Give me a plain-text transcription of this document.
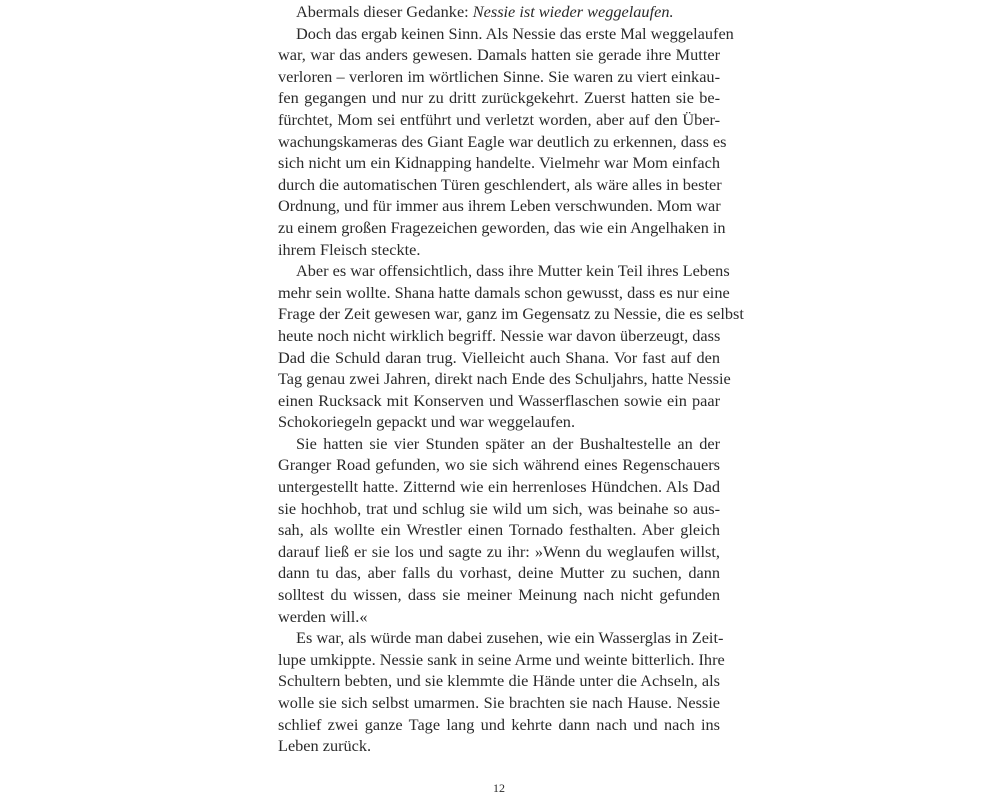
Abermals dieser Gedanke: Nessie ist wieder weggelaufen.
Doch das ergab keinen Sinn. Als Nessie das erste Mal weggelaufen
war, war das anders gewesen. Damals hatten sie gerade ihre Mutter
verloren – verloren im wörtlichen Sinne. Sie waren zu viert einkau-
fen gegangen und nur zu dritt zurückgekehrt. Zuerst hatten sie be-
fürchtet, Mom sei entführt und verletzt worden, aber auf den Über-
wachungskameras des Giant Eagle war deutlich zu erkennen, dass es
sich nicht um ein Kidnapping handelte. Vielmehr war Mom einfach
durch die automatischen Türen geschlendert, als wäre alles in bester
Ordnung, und für immer aus ihrem Leben verschwunden. Mom war
zu einem großen Fragezeichen geworden, das wie ein Angelhaken in
ihrem Fleisch steckte.
Aber es war offensichtlich, dass ihre Mutter kein Teil ihres Lebens
mehr sein wollte. Shana hatte damals schon gewusst, dass es nur eine
Frage der Zeit gewesen war, ganz im Gegensatz zu Nessie, die es selbst
heute noch nicht wirklich begriff. Nessie war davon überzeugt, dass
Dad die Schuld daran trug. Vielleicht auch Shana. Vor fast auf den
Tag genau zwei Jahren, direkt nach Ende des Schuljahrs, hatte Nessie
einen Rucksack mit Konserven und Wasserflaschen sowie ein paar
Schokoriegeln gepackt und war weggelaufen.
Sie hatten sie vier Stunden später an der Bushaltestelle an der
Granger Road gefunden, wo sie sich während eines Regenschauers
untergestellt hatte. Zitternd wie ein herrenloses Hündchen. Als Dad
sie hochhob, trat und schlug sie wild um sich, was beinahe so aus-
sah, als wollte ein Wrestler einen Tornado festhalten. Aber gleich
darauf ließ er sie los und sagte zu ihr: »Wenn du weglaufen willst,
dann tu das, aber falls du vorhast, deine Mutter zu suchen, dann
solltest du wissen, dass sie meiner Meinung nach nicht gefunden
werden will.«
Es war, als würde man dabei zusehen, wie ein Wasserglas in Zeit-
lupe umkippte. Nessie sank in seine Arme und weinte bitterlich. Ihre
Schultern bebten, und sie klemmte die Hände unter die Achseln, als
wolle sie sich selbst umarmen. Sie brachten sie nach Hause. Nessie
schlief zwei ganze Tage lang und kehrte dann nach und nach ins
Leben zurück.
12
